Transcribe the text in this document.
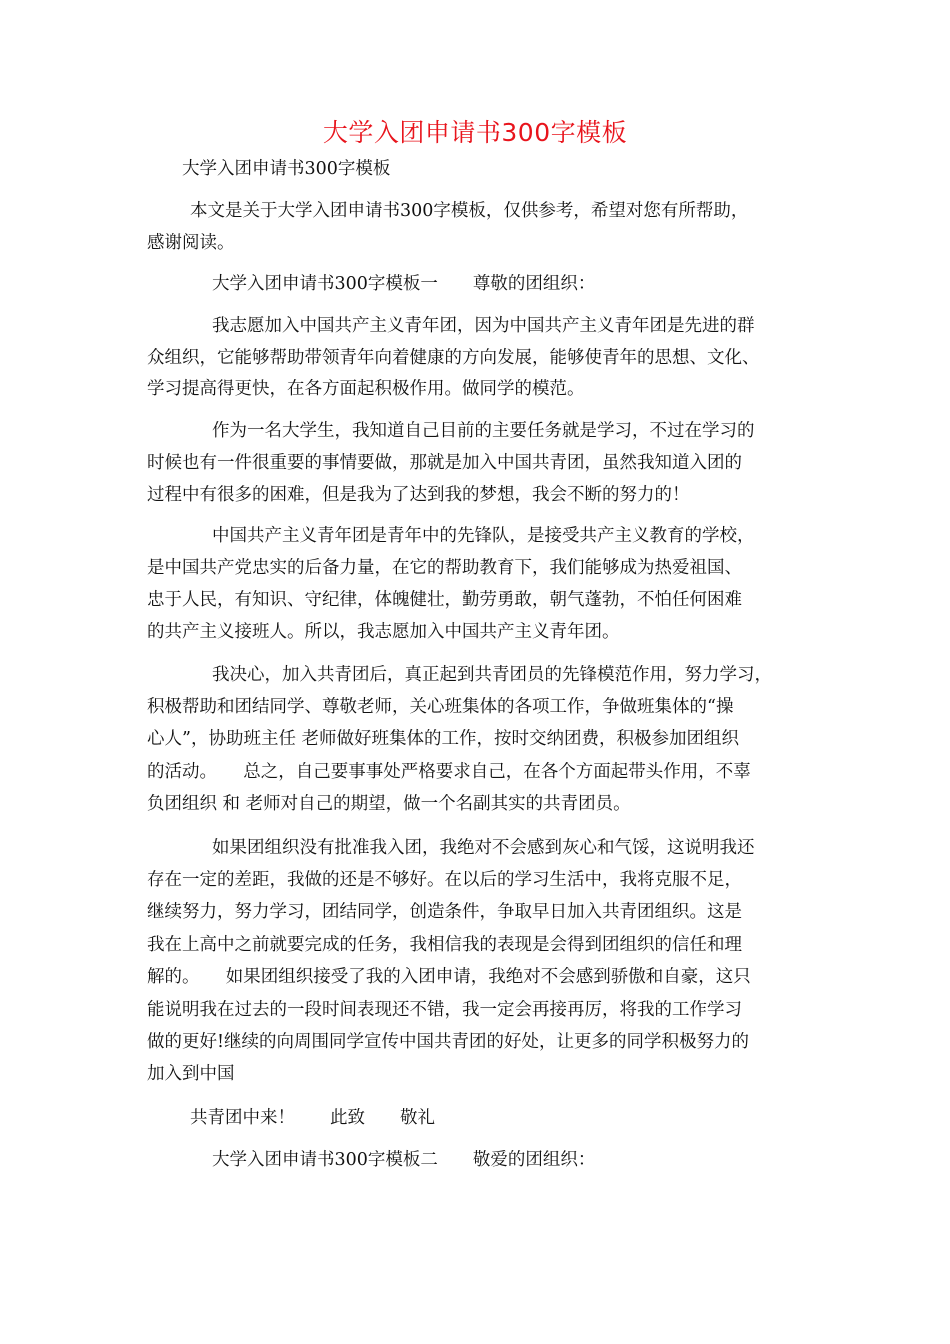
大学入团申请书300字模板
大学入团申请书300字模板
本文是关于大学入团申请书300字模板，仅供参考，希望对您有所帮助，
感谢阅读。
大学入团申请书300字模板一　　尊敬的团组织：
我志愿加入中国共产主义青年团，因为中国共产主义青年团是先进的群
众组织，它能够帮助带领青年向着健康的方向发展，能够使青年的思想、文化、
学习提高得更快，在各方面起积极作用。做同学的模范。
作为一名大学生，我知道自己目前的主要任务就是学习，不过在学习的
时候也有一件很重要的事情要做，那就是加入中国共青团，虽然我知道入团的
过程中有很多的困难，但是我为了达到我的梦想，我会不断的努力的！
中国共产主义青年团是青年中的先锋队，是接受共产主义教育的学校，
是中国共产党忠实的后备力量，在它的帮助教育下，我们能够成为热爱祖国、
忠于人民，有知识、守纪律，体魄健壮，勤劳勇敢，朝气蓬勃，不怕任何困难
的共产主义接班人。所以，我志愿加入中国共产主义青年团。
我决心，加入共青团后，真正起到共青团员的先锋模范作用，努力学习，
积极帮助和团结同学、尊敬老师，关心班集体的各项工作，争做班集体的“操
心人”，协助班主任 老师做好班集体的工作，按时交纳团费，积极参加团组织
的活动。　　总之，自己要事事处严格要求自己，在各个方面起带头作用，不辜
负团组织 和 老师对自己的期望，做一个名副其实的共青团员。
如果团组织没有批准我入团，我绝对不会感到灰心和气馁，这说明我还
存在一定的差距，我做的还是不够好。在以后的学习生活中，我将克服不足，
继续努力，努力学习，团结同学，创造条件，争取早日加入共青团组织。这是
我在上高中之前就要完成的任务，我相信我的表现是会得到团组织的信任和理
解的。　　如果团组织接受了我的入团申请，我绝对不会感到骄傲和自豪，这只
能说明我在过去的一段时间表现还不错，我一定会再接再厉，将我的工作学习
做的更好!继续的向周围同学宣传中国共青团的好处，让更多的同学积极努力的
加入到中国
共青团中来！　　此致　　敬礼
大学入团申请书300字模板二　　敬爱的团组织：
